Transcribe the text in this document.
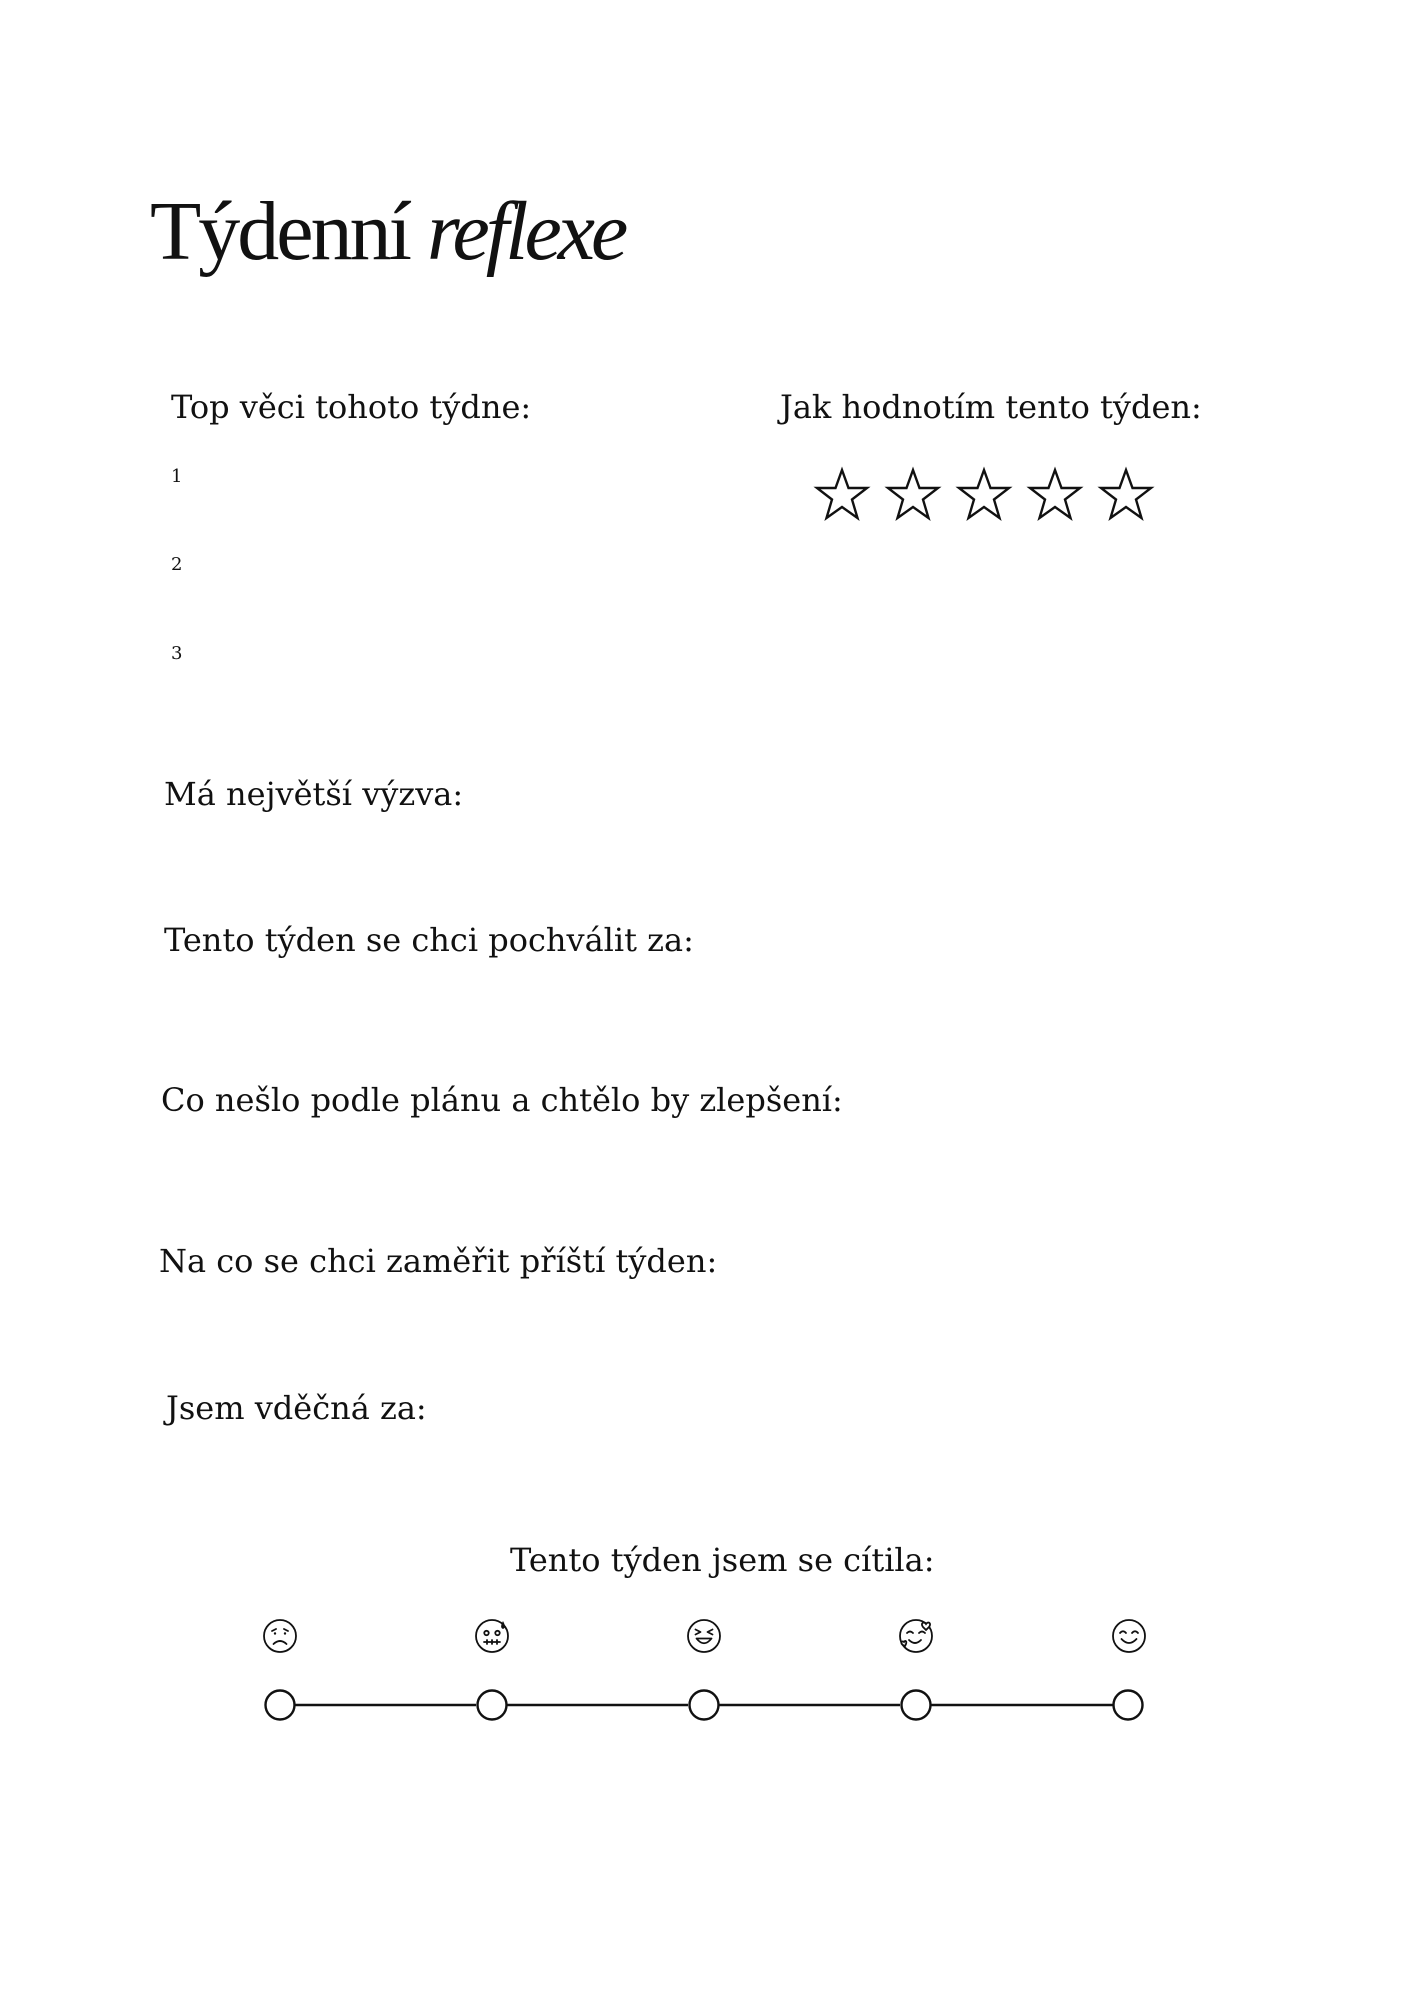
Týdenní reflexe
Top věci tohoto týdne:
1
2
3
Jak hodnotím tento týden:
Má největší výzva:
Tento týden se chci pochválit za:
Co nešlo podle plánu a chtělo by zlepšení:
Na co se chci zaměřit příští týden:
Jsem vděčná za:
Tento týden jsem se cítila:
